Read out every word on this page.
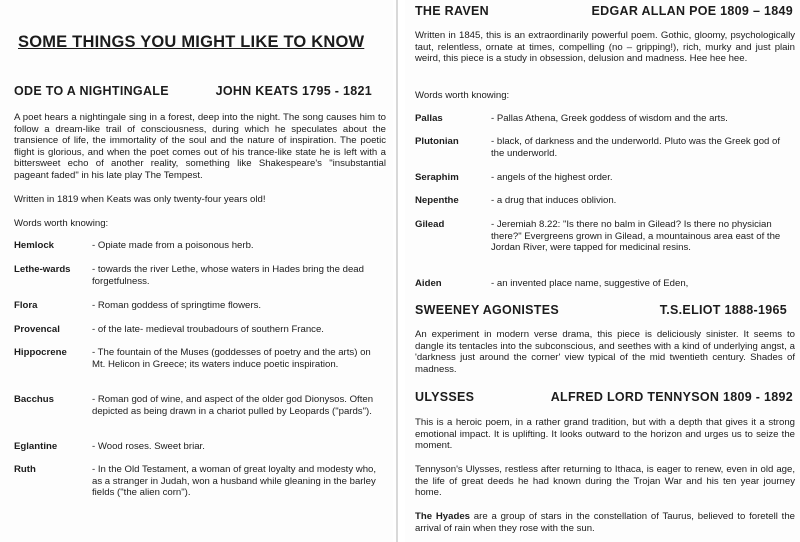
SOME THINGS YOU MIGHT LIKE TO KNOW
ODE TO A NIGHTINGALE	JOHN KEATS 1795 - 1821

A poet hears a nightingale sing in a forest, deep into the night. The song causes him to follow a dream-like trail of consciousness, during which he speculates about the transience of life, the immortality of the soul and the nature of inspiration. The poetic flight is glorious, and when the poet comes out of his trance-like state he is left with a bittersweet echo of another reality, something like Shakespeare's "insubstantial pageant faded" in his late play The Tempest.

Written in 1819 when Keats was only twenty-four years old!

Words worth knowing:

Hemlock	- Opiate made from a poisonous herb.
Lethe-wards	- towards the river Lethe, whose waters in Hades bring the dead forgetfulness.
Flora	- Roman goddess of springtime flowers.
Provencal	- of the late- medieval troubadours of southern France.
Hippocrene	- The fountain of the Muses (goddesses of poetry and the arts) on Mt. Helicon in Greece; its waters induce poetic inspiration.
Bacchus	- Roman god of wine, and aspect of the older god Dionysos. Often depicted as being drawn in a chariot pulled by Leopards ("pards").
Eglantine	- Wood roses. Sweet briar.
Ruth	- In the Old Testament, a woman of great loyalty and modesty who, as a stranger in Judah, won a husband while gleaning in the barley fields ("the alien corn").
THE RAVEN	EDGAR ALLAN POE 1809 – 1849

Written in 1845, this is an extraordinarily powerful poem. Gothic, gloomy, psychologically taut, relentless, ornate at times, compelling (no – gripping!), rich, murky and just plain weird, this piece is a study in obsession, delusion and madness. Hee hee hee.

Words worth knowing:

Pallas	- Pallas Athena, Greek goddess of wisdom and the arts.
Plutonian	- black, of darkness and the underworld. Pluto was the Greek god of the underworld.
Seraphim	- angels of the highest order.
Nepenthe	- a drug that induces oblivion.
Gilead	- Jeremiah 8.22: "Is there no balm in Gilead? Is there no physician there?" Evergreens grown in Gilead, a mountainous area east of the Jordan River, were tapped for medicinal resins.
Aiden	- an invented place name, suggestive of Eden,
SWEENEY AGONISTES	T.S.ELIOT 1888-1965

An experiment in modern verse drama, this piece is deliciously sinister. It seems to dangle its tentacles into the subconscious, and seethes with a kind of underlying angst, a 'darkness just around the corner' view typical of the mid twentieth century. Shades of madness.

ULYSSES	ALFRED LORD TENNYSON 1809 - 1892

This is a heroic poem, in a rather grand tradition, but with a depth that gives it a strong emotional impact. It is uplifting. It looks outward to the horizon and urges us to seize the moment.

Tennyson's Ulysses, restless after returning to Ithaca, is eager to renew, even in old age, the life of great deeds he had known during the Trojan War and his ten year journey home.

The Hyades are a group of stars in the constellation of Taurus, believed to foretell the arrival of rain when they rose with the sun.
